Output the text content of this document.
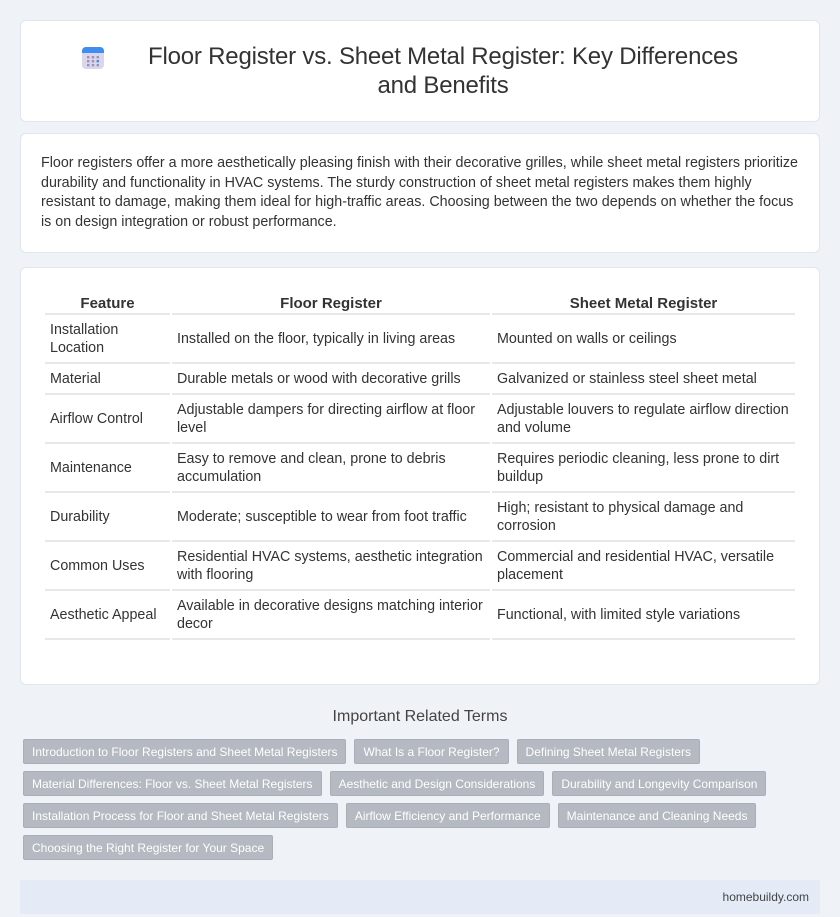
Floor Register vs. Sheet Metal Register: Key Differences and Benefits

Floor registers offer a more aesthetically pleasing finish with their decorative grilles, while sheet metal registers prioritize durability and functionality in HVAC systems. The sturdy construction of sheet metal registers makes them highly resistant to damage, making them ideal for high-traffic areas. Choosing between the two depends on whether the focus is on design integration or robust performance.

Feature	Floor Register	Sheet Metal Register
Installation Location	Installed on the floor, typically in living areas	Mounted on walls or ceilings
Material	Durable metals or wood with decorative grills	Galvanized or stainless steel sheet metal
Airflow Control	Adjustable dampers for directing airflow at floor level	Adjustable louvers to regulate airflow direction and volume
Maintenance	Easy to remove and clean, prone to debris accumulation	Requires periodic cleaning, less prone to dirt buildup
Durability	Moderate; susceptible to wear from foot traffic	High; resistant to physical damage and corrosion
Common Uses	Residential HVAC systems, aesthetic integration with flooring	Commercial and residential HVAC, versatile placement
Aesthetic Appeal	Available in decorative designs matching interior decor	Functional, with limited style variations
Important Related Terms
Introduction to Floor Registers and Sheet Metal Registers	What Is a Floor Register?	Defining Sheet Metal Registers
Material Differences: Floor vs. Sheet Metal Registers	Aesthetic and Design Considerations	Durability and Longevity Comparison
Installation Process for Floor and Sheet Metal Registers	Airflow Efficiency and Performance	Maintenance and Cleaning Needs
Choosing the Right Register for Your Space
homebuildy.com
